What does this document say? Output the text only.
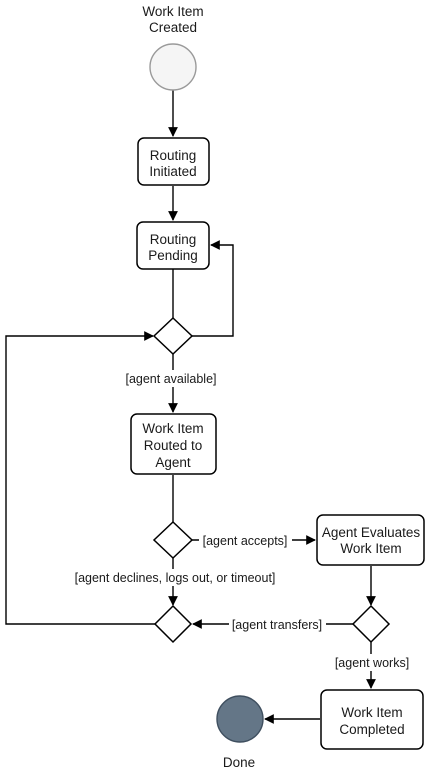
[agent available]
[agent accepts]
[agent declines, logs out, or timeout]
[agent transfers]
[agent works]
Work Item
Created
Routing
Initiated
Routing
Pending
Work Item
Routed to
Agent
Agent Evaluates
Work Item
Work Item
Completed
Done
